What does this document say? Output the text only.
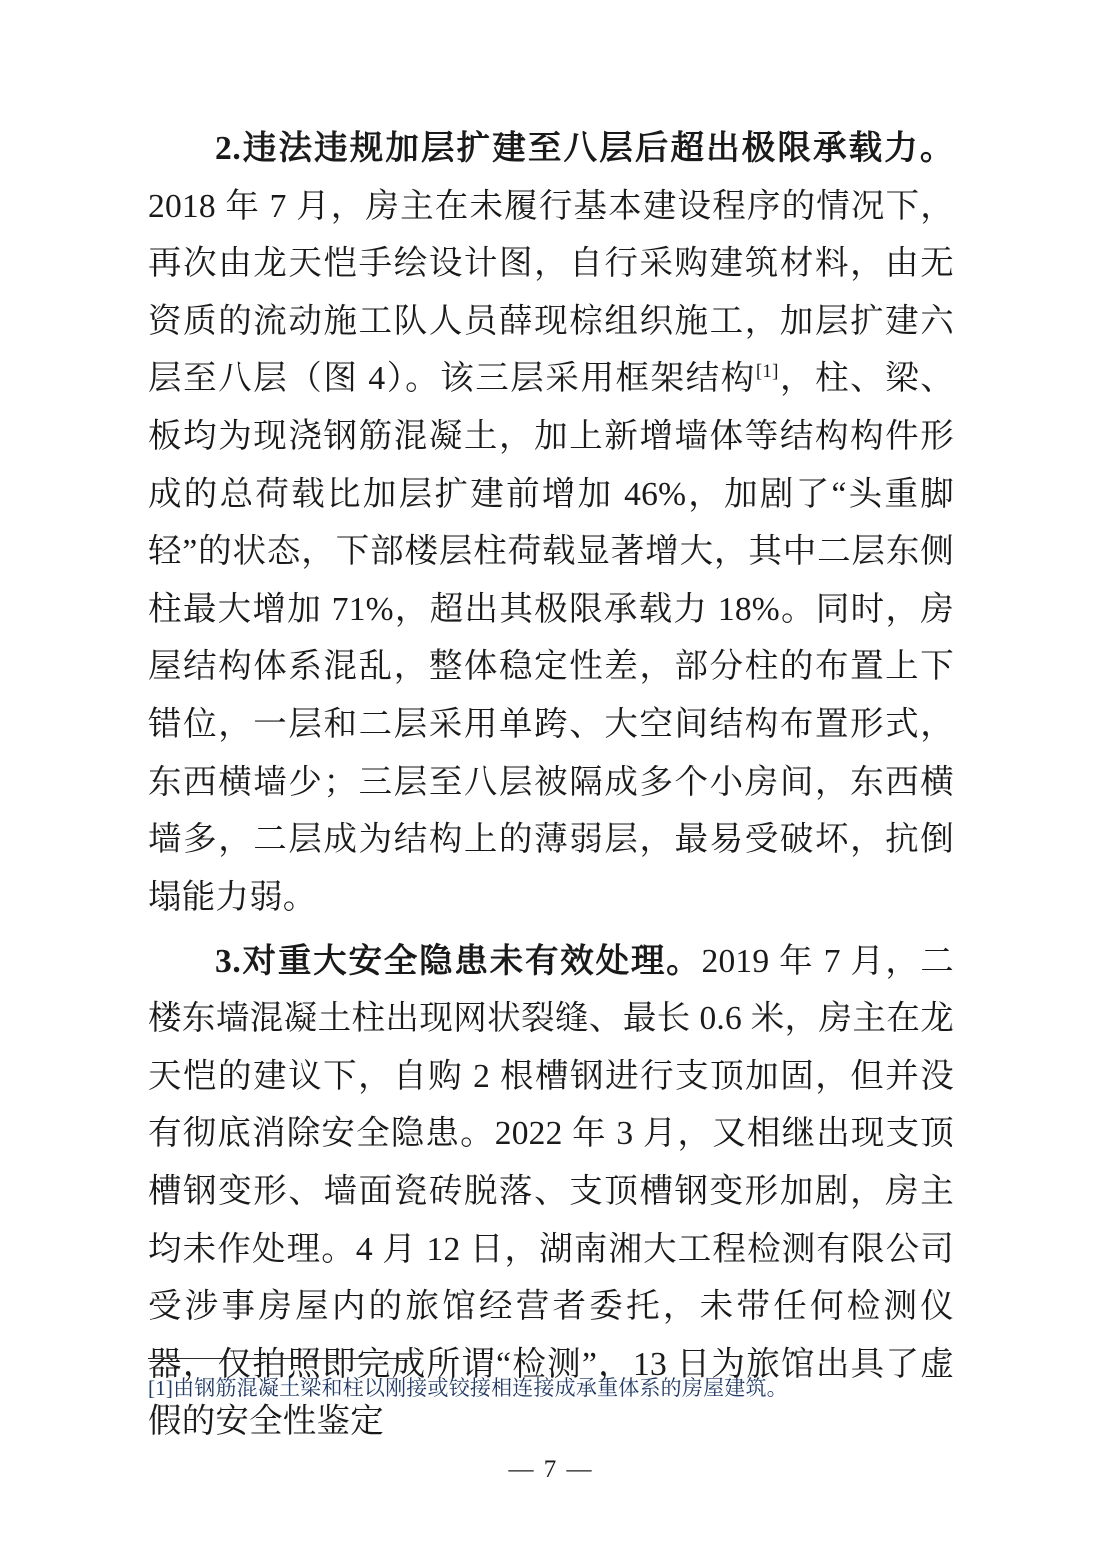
2.违法违规加层扩建至八层后超出极限承载力。2018 年 7 月，房主在未履行基本建设程序的情况下，再次由龙天恺手绘设计图，自行采购建筑材料，由无资质的流动施工队人员薛现棕组织施工，加层扩建六层至八层（图 4）。该三层采用框架结构[1]，柱、梁、板均为现浇钢筋混凝土，加上新增墙体等结构构件形成的总荷载比加层扩建前增加 46%，加剧了“头重脚轻”的状态，下部楼层柱荷载显著增大，其中二层东侧柱最大增加 71%，超出其极限承载力 18%。同时，房屋结构体系混乱，整体稳定性差，部分柱的布置上下错位，一层和二层采用单跨、大空间结构布置形式，东西横墙少；三层至八层被隔成多个小房间，东西横墙多，二层成为结构上的薄弱层，最易受破坏，抗倒塌能力弱。

3.对重大安全隐患未有效处理。2019 年 7 月，二楼东墙混凝土柱出现网状裂缝、最长 0.6 米，房主在龙天恺的建议下，自购 2 根槽钢进行支顶加固，但并没有彻底消除安全隐患。2022 年 3 月，又相继出现支顶槽钢变形、墙面瓷砖脱落、支顶槽钢变形加剧，房主均未作处理。4 月 12 日，湖南湘大工程检测有限公司受涉事房屋内的旅馆经营者委托，未带任何检测仪器，仅拍照即完成所谓“检测”，13 日为旅馆出具了虚假的安全性鉴定

[1]由钢筋混凝土梁和柱以刚接或铰接相连接成承重体系的房屋建筑。
— 7 —
